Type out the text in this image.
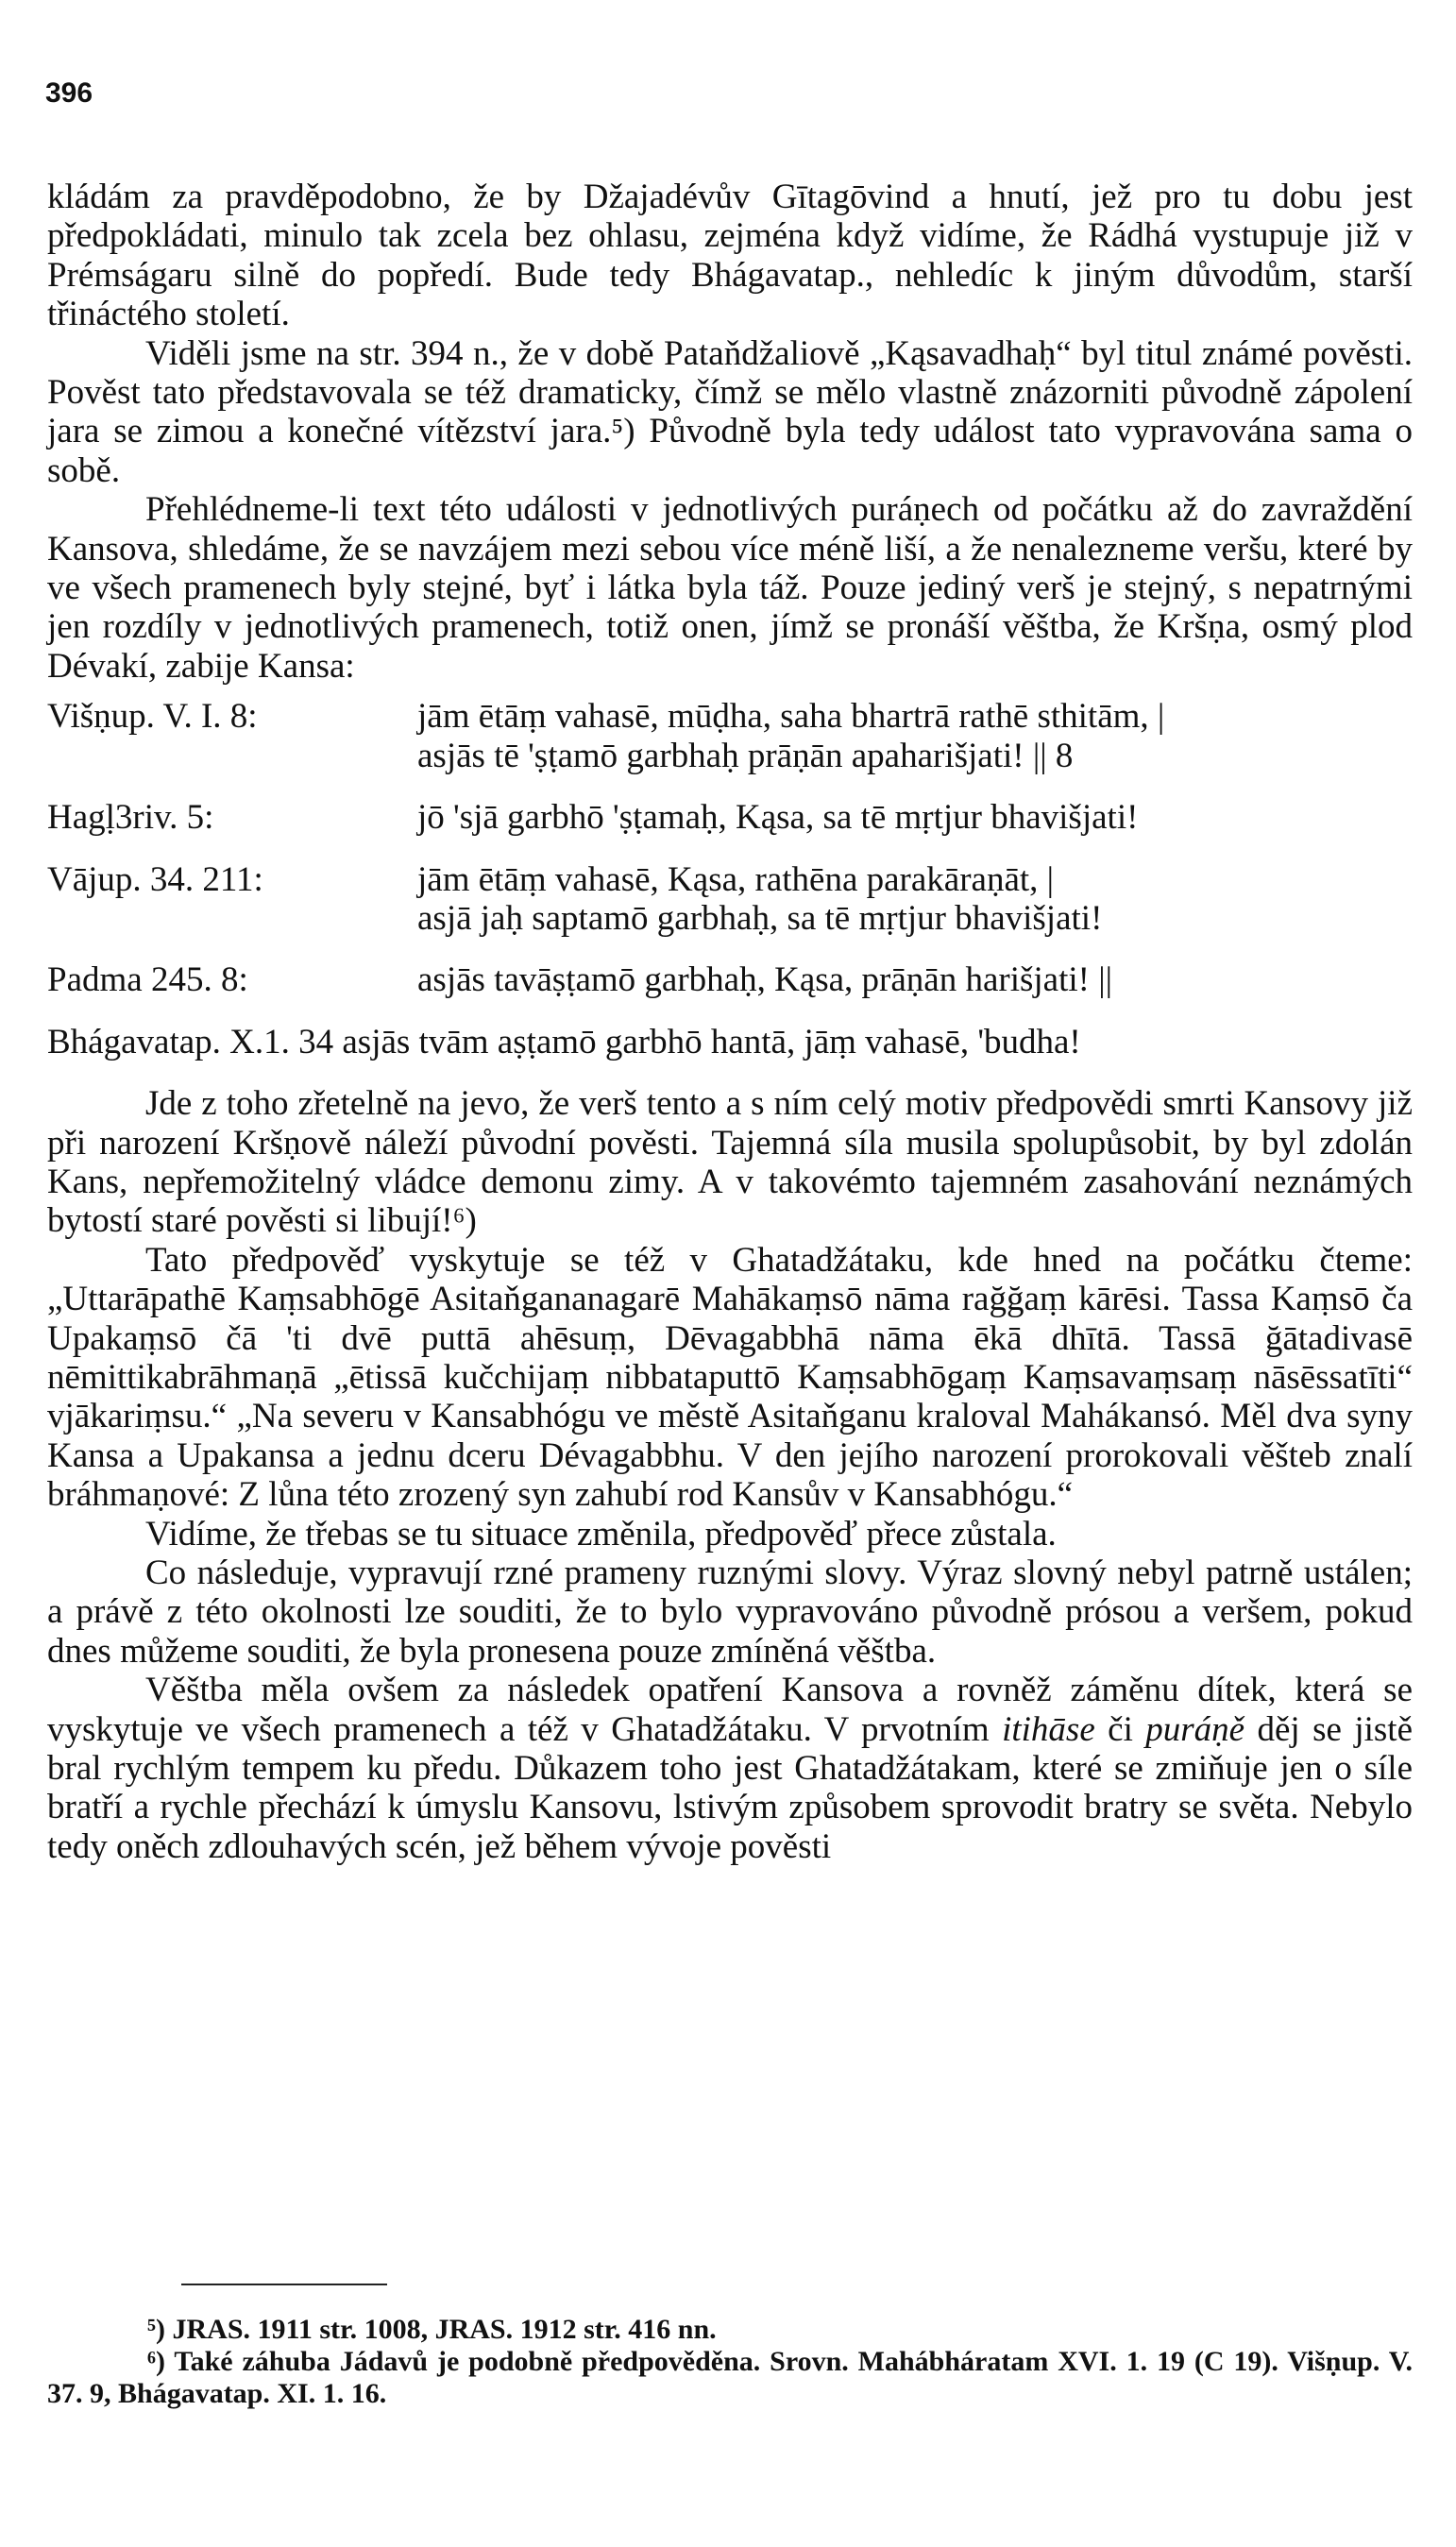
396

kládám za pravděpodobno, že by Džajadévův Gītagōvind a hnutí, jež pro tu dobu jest předpokládati, minulo tak zcela bez ohlasu, zejména když vidíme, že Rádhá vystupuje již v Prémságaru silně do popředí. Bude tedy Bhágavatap., nehledíc k jiným důvodům, starší třináctého století.

Viděli jsme na str. 394 n., že v době Pataňdžaliově „Kąsavadhaḥ“ byl titul známé pověsti. Pověst tato představovala se též dramaticky, čímž se mělo vlastně znázorniti původně zápolení jara se zimou a konečné vítězství jara.⁵) Původně byla tedy událost tato vypravována sama o sobě.

Přehlédneme-li text této události v jednotlivých puráṇech od počátku až do zavraždění Kansova, shledáme, že se navzájem mezi sebou více méně liší, a že nenalezneme veršu, které by ve všech pramenech byly stejné, byť i látka byla táž. Pouze jediný verš je stejný, s nepatrnými jen rozdíly v jednotlivých pramenech, totiž onen, jímž se pronáší věštba, že Kršṇa, osmý plod Dévakí, zabije Kansa:

Višṇup. V. I. 8:	jām ētāṃ vahasē, mūḍha, saha bhartrā rathē sthitām, |
asjās tē 'ṣṭamō garbhaḥ prāṇān apaharišjati! || 8
Hagḷ3riv. 5:	jō 'sjā garbhō 'ṣṭamaḥ, Kąsa, sa tē mṛtjur bhavišjati!
Vājup. 34. 211:	jām ētāṃ vahasē, Kąsa, rathēna parakāraṇāt, |
asjā jaḥ saptamō garbhaḥ, sa tē mṛtjur bhavišjati!
Padma 245. 8:	asjās tavāṣṭamō garbhaḥ, Kąsa, prāṇān harišjati! ||
Bhágavatap. X.1. 34 asjās tvām aṣṭamō garbhō hantā, jāṃ vahasē, 'budha!

Jde z toho zřetelně na jevo, že verš tento a s ním celý motiv předpovědi smrti Kansovy již při narození Kršṇově náleží původní pověsti. Tajemná síla musila spolupůsobit, by byl zdolán Kans, nepřemožitelný vládce demonu zimy. A v takovémto tajemném zasahování neznámých bytostí staré pověsti si libují!⁶)

Tato předpověď vyskytuje se též v Ghatadžátaku, kde hned na počátku čteme: „Uttarāpathē Kaṃsabhōgē Asitaňgananagarē Mahākaṃsō nāma rağğaṃ kārēsi. Tassa Kaṃsō ča Upakaṃsō čā 'ti dvē puttā ahēsuṃ, Dēvagabbhā nāma ēkā dhītā. Tassā ğātadivasē nēmittikabrāhmaṇā „ētissā kučchijaṃ nibbataputtō Kaṃsabhōgaṃ Kaṃsavaṃsaṃ nāsēssatīti“ vjākariṃsu.“ „Na severu v Kansabhógu ve městě Asitaňganu kraloval Mahákansó. Měl dva syny Kansa a Upakansa a jednu dceru Dévagabbhu. V den jejího narození prorokovali věšteb znalí bráhmaṇové: Z lůna této zrozený syn zahubí rod Kansův v Kansabhógu.“

Vidíme, že třebas se tu situace změnila, předpověď přece zůstala.

Co následuje, vypravují rzné prameny ruznými slovy. Výraz slovný nebyl patrně ustálen; a právě z této okolnosti lze souditi, že to bylo vypravováno původně prósou a veršem, pokud dnes můžeme souditi, že byla pronesena pouze zmíněná věštba.

Věštba měla ovšem za následek opatření Kansova a rovněž záměnu dítek, která se vyskytuje ve všech pramenech a též v Ghatadžátaku. V prvotním itihāse či puráṇě děj se jistě bral rychlým tempem ku předu. Důkazem toho jest Ghatadžátakam, které se zmiňuje jen o síle bratří a rychle přechází k úmyslu Kansovu, lstivým způsobem sprovodit bratry se světa. Nebylo tedy oněch zdlouhavých scén, jež během vývoje pověsti

⁵) JRAS. 1911 str. 1008, JRAS. 1912 str. 416 nn.
⁶) Také záhuba Jádavů je podobně předpověděna. Srovn. Mahábháratam XVI. 1. 19 (C 19). Višṇup. V. 37. 9, Bhágavatap. XI. 1. 16.
